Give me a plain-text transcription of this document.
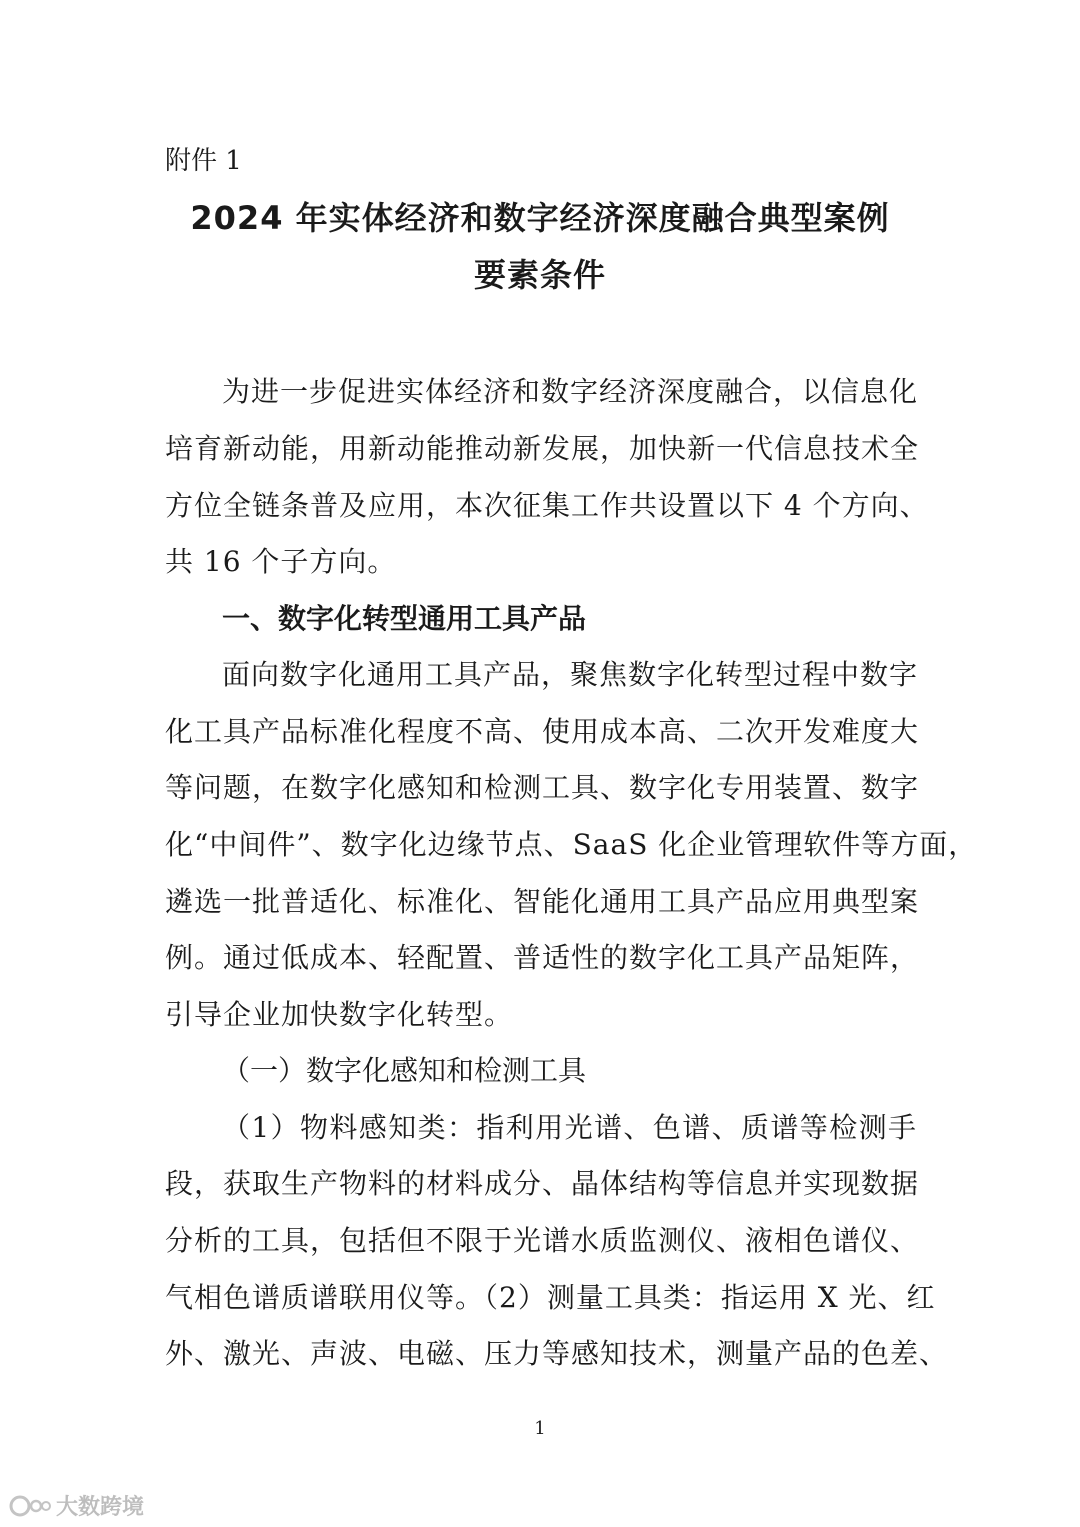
附件 1
2024 年实体经济和数字经济深度融合典型案例
要素条件
为进一步促进实体经济和数字经济深度融合，以信息化
培育新动能，用新动能推动新发展，加快新一代信息技术全
方位全链条普及应用，本次征集工作共设置以下 4 个方向、
共 16 个子方向。
一、数字化转型通用工具产品
面向数字化通用工具产品，聚焦数字化转型过程中数字
化工具产品标准化程度不高、使用成本高、二次开发难度大
等问题，在数字化感知和检测工具、数字化专用装置、数字
化“中间件”、数字化边缘节点、SaaS 化企业管理软件等方面，
遴选一批普适化、标准化、智能化通用工具产品应用典型案
例。通过低成本、轻配置、普适性的数字化工具产品矩阵，
引导企业加快数字化转型。
（一）数字化感知和检测工具
（1）物料感知类：指利用光谱、色谱、质谱等检测手
段，获取生产物料的材料成分、晶体结构等信息并实现数据
分析的工具，包括但不限于光谱水质监测仪、液相色谱仪、
气相色谱质谱联用仪等。（2）测量工具类：指运用 X 光、红
外、激光、声波、电磁、压力等感知技术，测量产品的色差、
1
大数跨境
